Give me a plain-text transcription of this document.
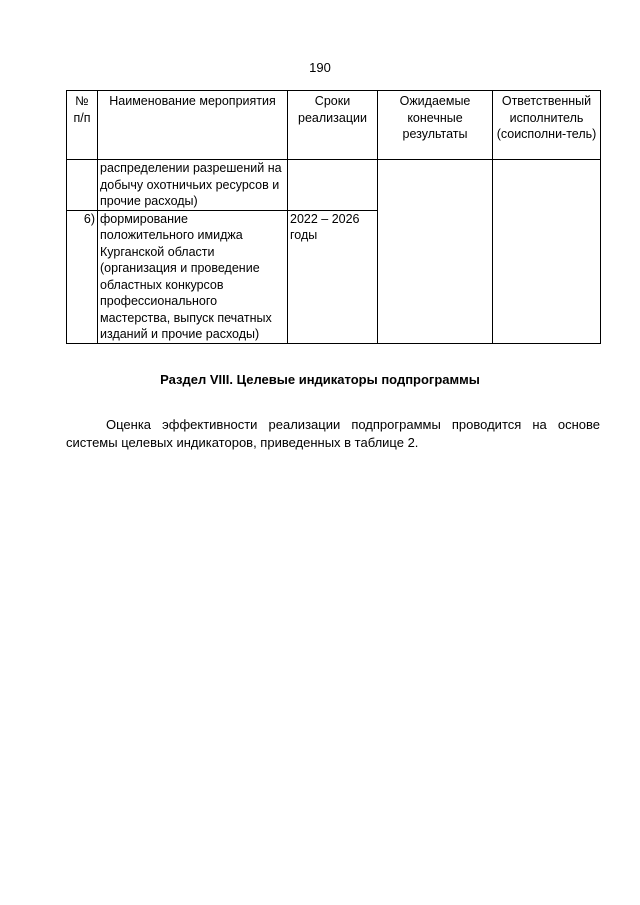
190
№ п/п	Наименование мероприятия	Сроки реализации	Ожидаемые конечные результаты	Ответственный исполнитель (соисполни-тель)
	распределении разрешений на добычу охотничьих ресурсов и прочие расходы)			
6)	формирование положительного имиджа Курганской области (организация и проведение областных конкурсов профессионального мастерства, выпуск печатных изданий и прочие расходы)	2022 – 2026 годы		
Раздел VIII. Целевые индикаторы подпрограммы

Оценка эффективности реализации подпрограммы проводится на основе системы целевых индикаторов, приведенных в таблице 2.
